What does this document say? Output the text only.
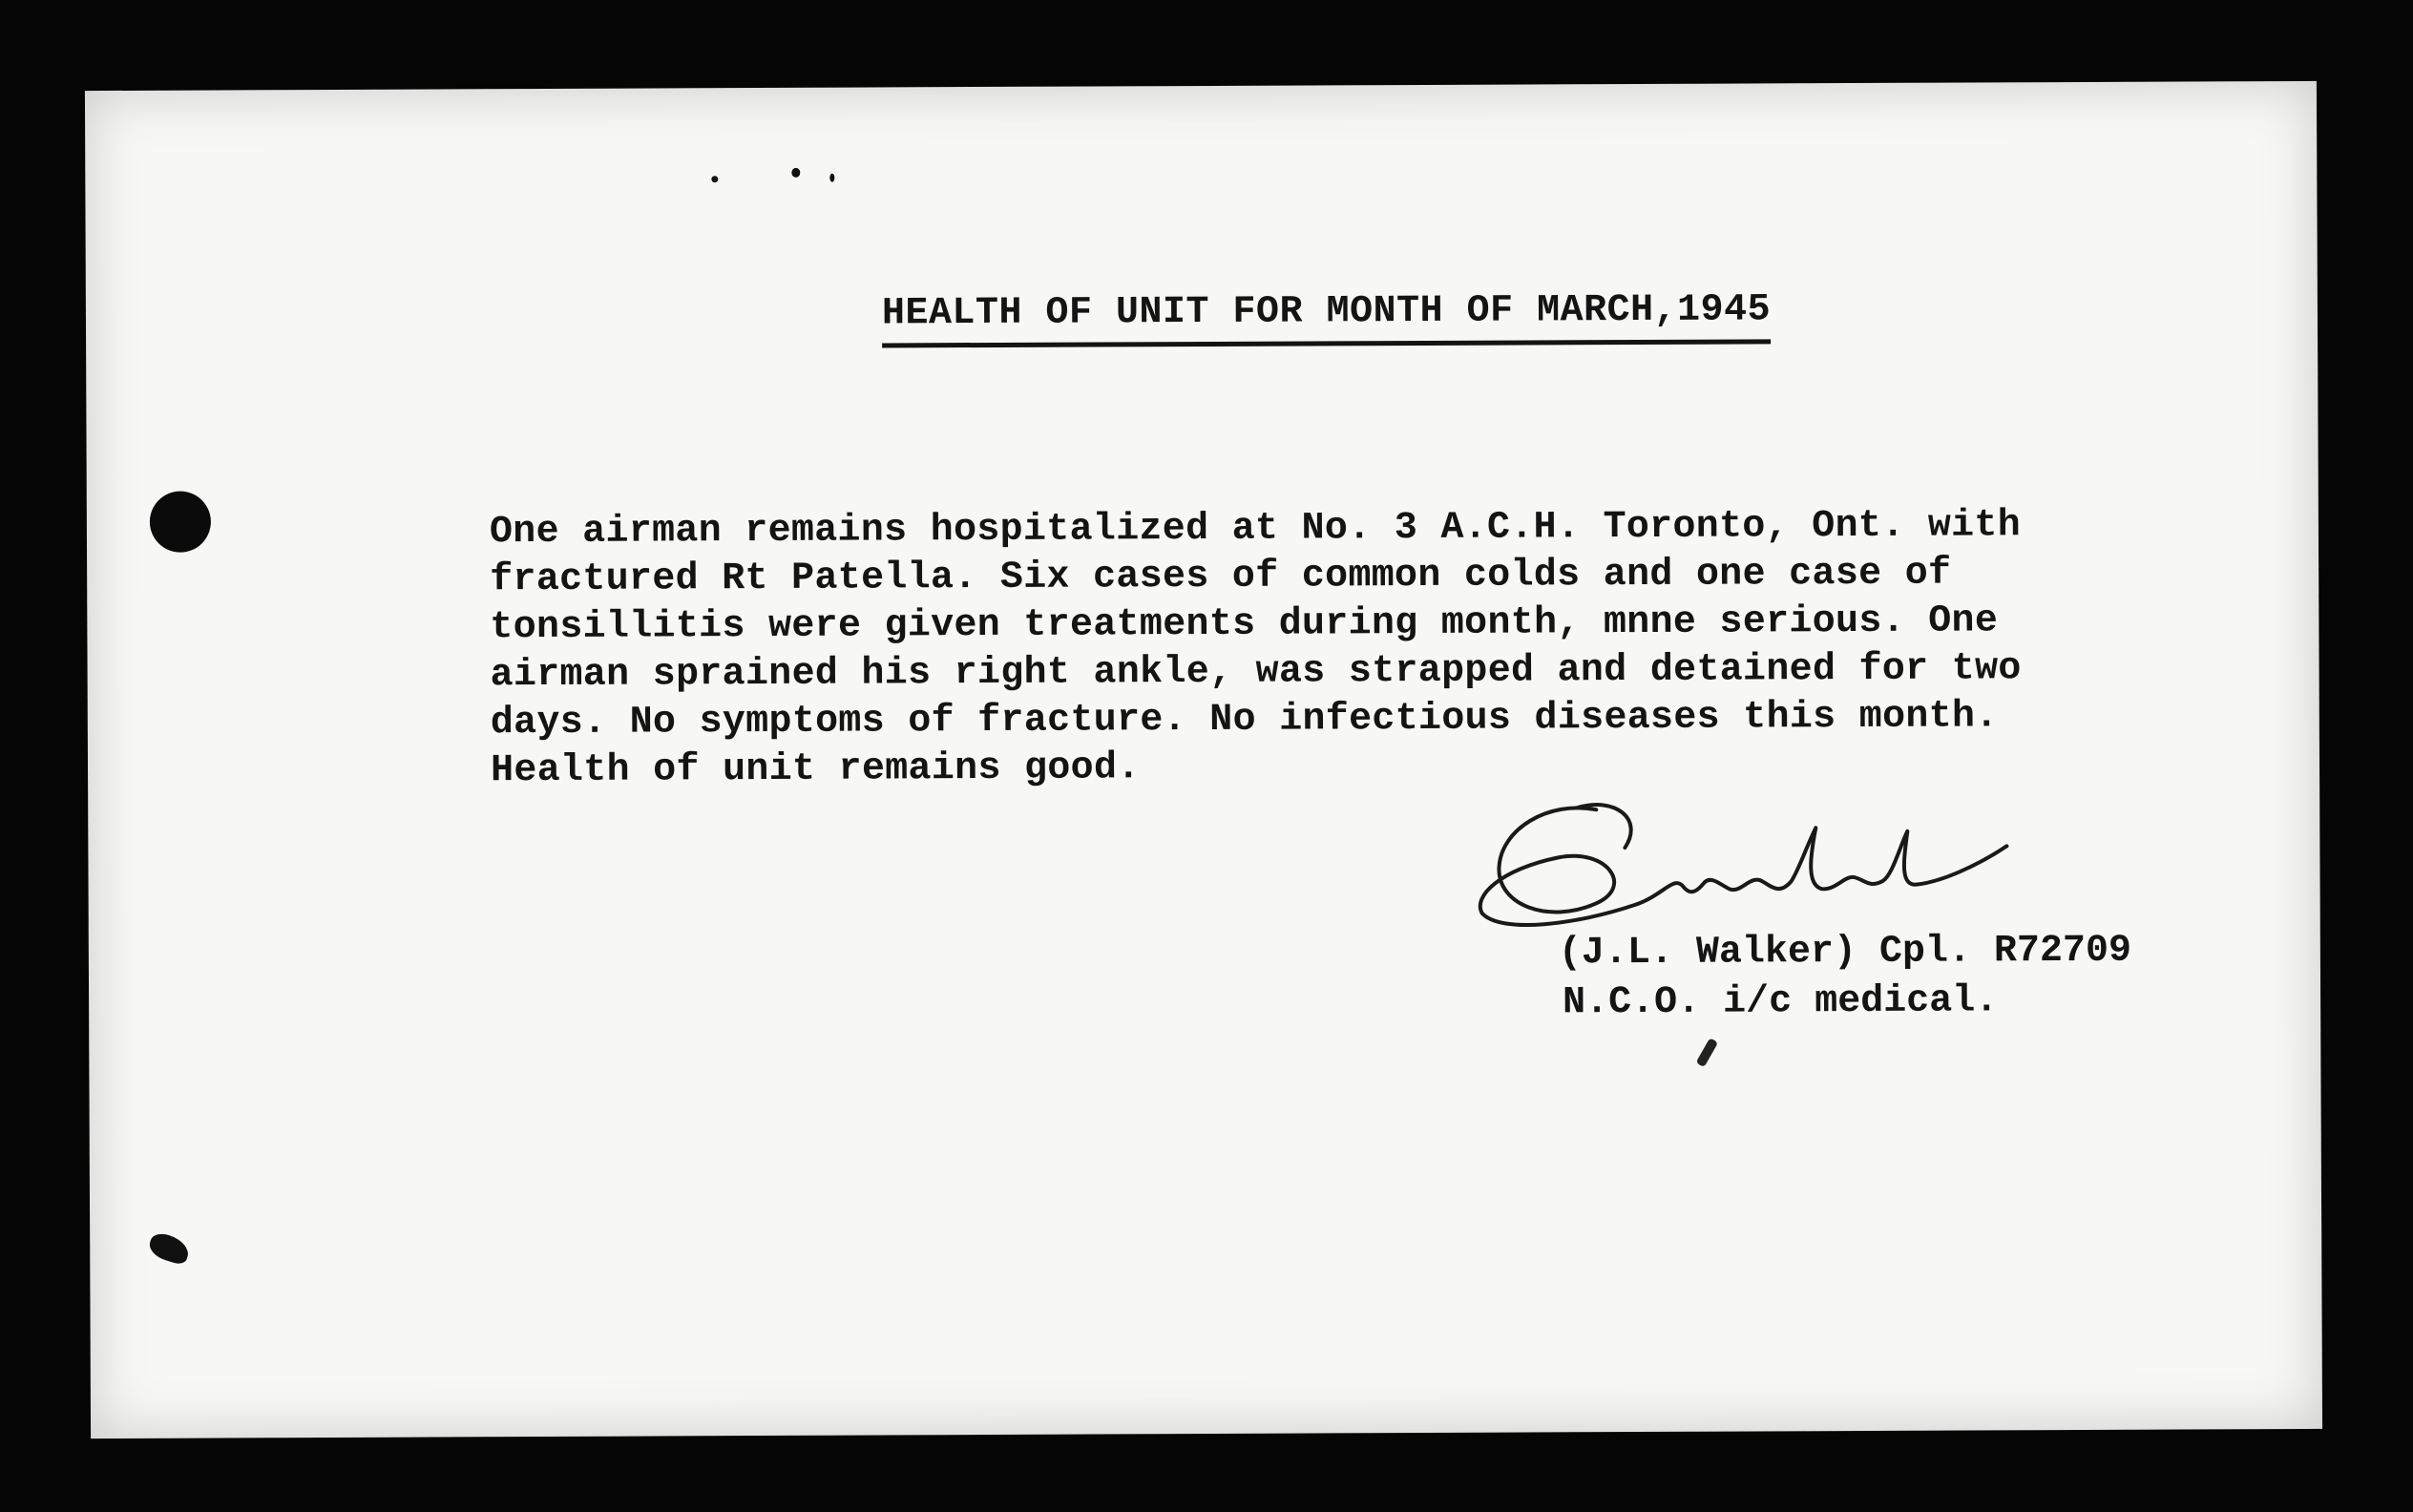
HEALTH OF UNIT FOR MONTH OF MARCH,1945
One airman remains hospitalized at No. 3 A.C.H. Toronto, Ont. with
fractured Rt Patella. Six cases of common colds and one case of
tonsillitis were given treatments during month, mnne serious. One
airman sprained his right ankle, was strapped and detained for two
days. No symptoms of fracture. No infectious diseases this month.
Health of unit remains good.
(J.L. Walker) Cpl. R72709
N.C.O. i/c medical.
